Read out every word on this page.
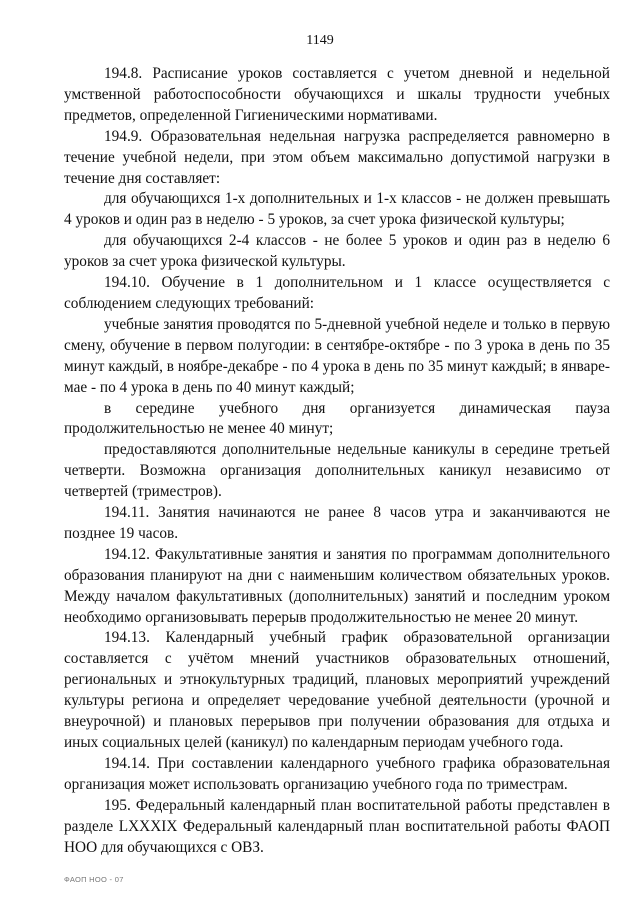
1149

194.8. Расписание уроков составляется с учетом дневной и недельной умственной работоспособности обучающихся и шкалы трудности учебных предметов, определенной Гигиеническими нормативами.

194.9. Образовательная недельная нагрузка распределяется равномерно в течение учебной недели, при этом объем максимально допустимой нагрузки в течение дня составляет:

для обучающихся 1-х дополнительных и 1-х классов - не должен превышать 4 уроков и один раз в неделю - 5 уроков, за счет урока физической культуры;

для обучающихся 2-4 классов - не более 5 уроков и один раз в неделю 6 уроков за счет урока физической культуры.

194.10. Обучение в 1 дополнительном и 1 классе осуществляется с соблюдением следующих требований:

учебные занятия проводятся по 5-дневной учебной неделе и только в первую смену, обучение в первом полугодии: в сентябре-октябре - по 3 урока в день по 35 минут каждый, в ноябре-декабре - по 4 урока в день по 35 минут каждый; в январе-мае - по 4 урока в день по 40 минут каждый;

в середине учебного дня организуется динамическая пауза продолжительностью не менее 40 минут;

предоставляются дополнительные недельные каникулы в середине третьей четверти. Возможна организация дополнительных каникул независимо от четвертей (триместров).

194.11. Занятия начинаются не ранее 8 часов утра и заканчиваются не позднее 19 часов.

194.12. Факультативные занятия и занятия по программам дополнительного образования планируют на дни с наименьшим количеством обязательных уроков. Между началом факультативных (дополнительных) занятий и последним уроком необходимо организовывать перерыв продолжительностью не менее 20 минут.

194.13. Календарный учебный график образовательной организации составляется с учётом мнений участников образовательных отношений, региональных и этнокультурных традиций, плановых мероприятий учреждений культуры региона и определяет чередование учебной деятельности (урочной и внеурочной) и плановых перерывов при получении образования для отдыха и иных социальных целей (каникул) по календарным периодам учебного года.

194.14. При составлении календарного учебного графика образовательная организация может использовать организацию учебного года по триместрам.

195. Федеральный календарный план воспитательной работы представлен в разделе LXXXIX Федеральный календарный план воспитательной работы ФАОП НОО для обучающихся с ОВЗ.

ФАОП НОО - 07
